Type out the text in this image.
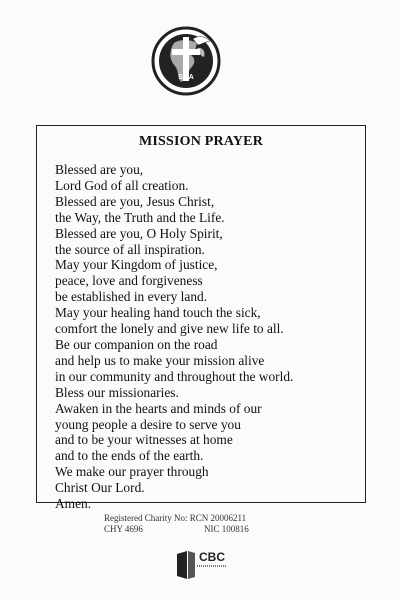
SMA
MISSION PRAYER
Blessed are you,
Lord God of all creation.
Blessed are you, Jesus Christ,
the Way, the Truth and the Life.
Blessed are you, O Holy Spirit,
the source of all inspiration.
May your Kingdom of justice,
peace, love and forgiveness
be established in every land.
May your healing hand touch the sick,
comfort the lonely and give new life to all.
Be our companion on the road
and help us to make your mission alive
in our community and throughout the world.
Bless our missionaries.
Awaken in the hearts and minds of our
young people a desire to serve you
and to be your witnesses at home
and to the ends of the earth.
We make our prayer through
Christ Our Lord.
Amen.
Registered Charity No: RCN 20006211
CHY 4696	NIC 100816
CBC
